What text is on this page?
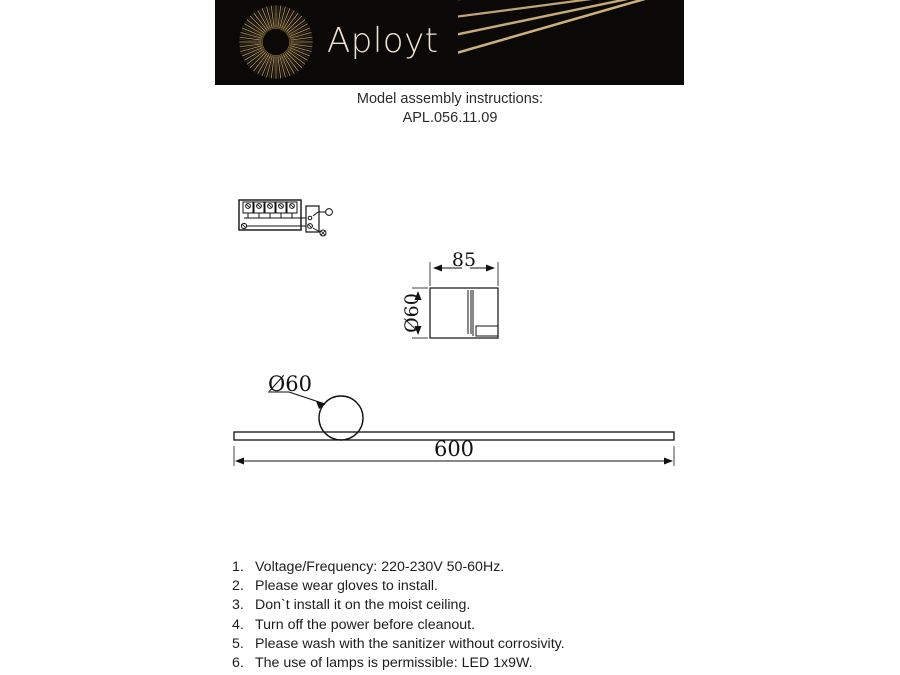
Aployt
Model assembly instructions:
APL.056.11.09
85
Ø60
Ø60
600
1. Voltage/Frequency: 220-230V 50-60Hz.
2. Please wear gloves to install.
3. Don`t install it on the moist ceiling.
4. Turn off the power before cleanout.
5. Please wash with the sanitizer without corrosivity.
6. The use of lamps is permissible: LED 1x9W.
